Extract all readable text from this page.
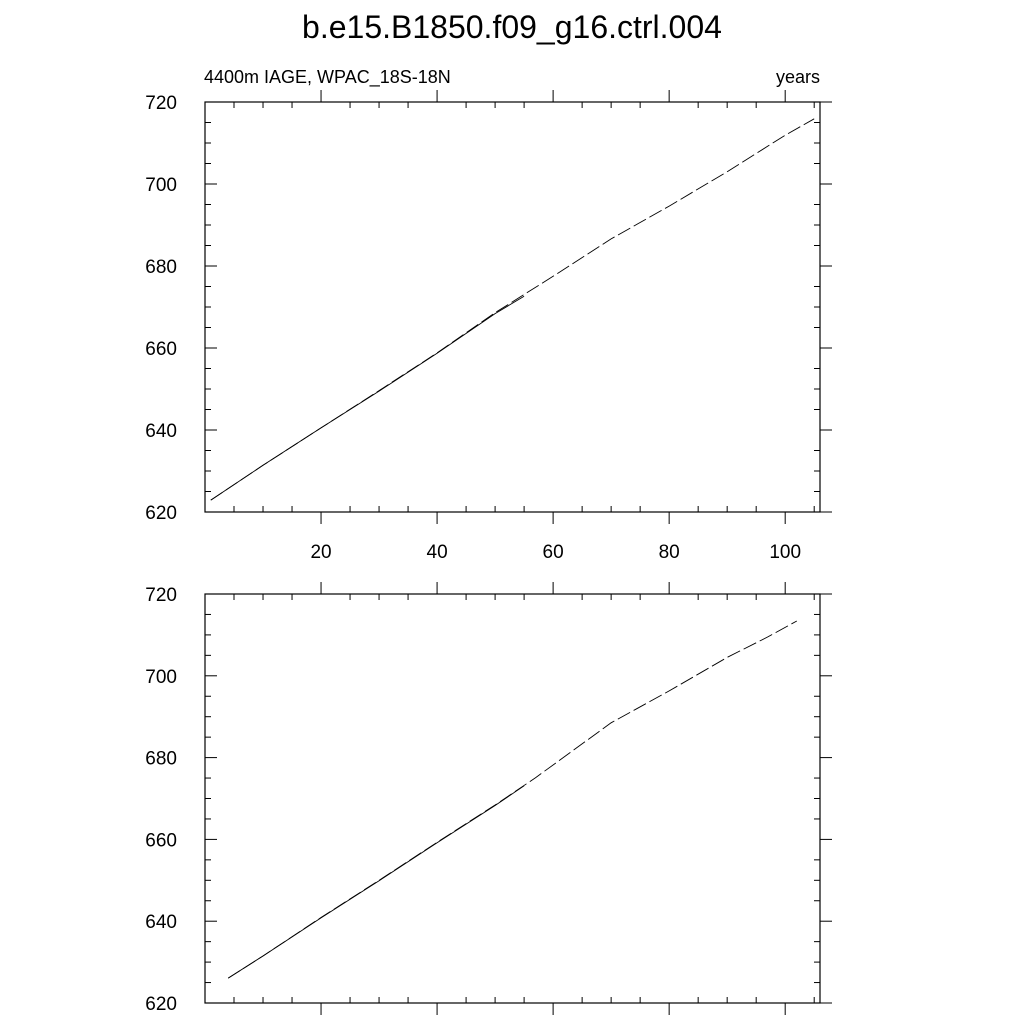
b.e15.B1850.f09_g16.ctrl.004
4400m IAGE, WPAC_18S-18N	years
620
640
660
680
700
720
20	40	60	80	100
620
640
660
680
700
720
